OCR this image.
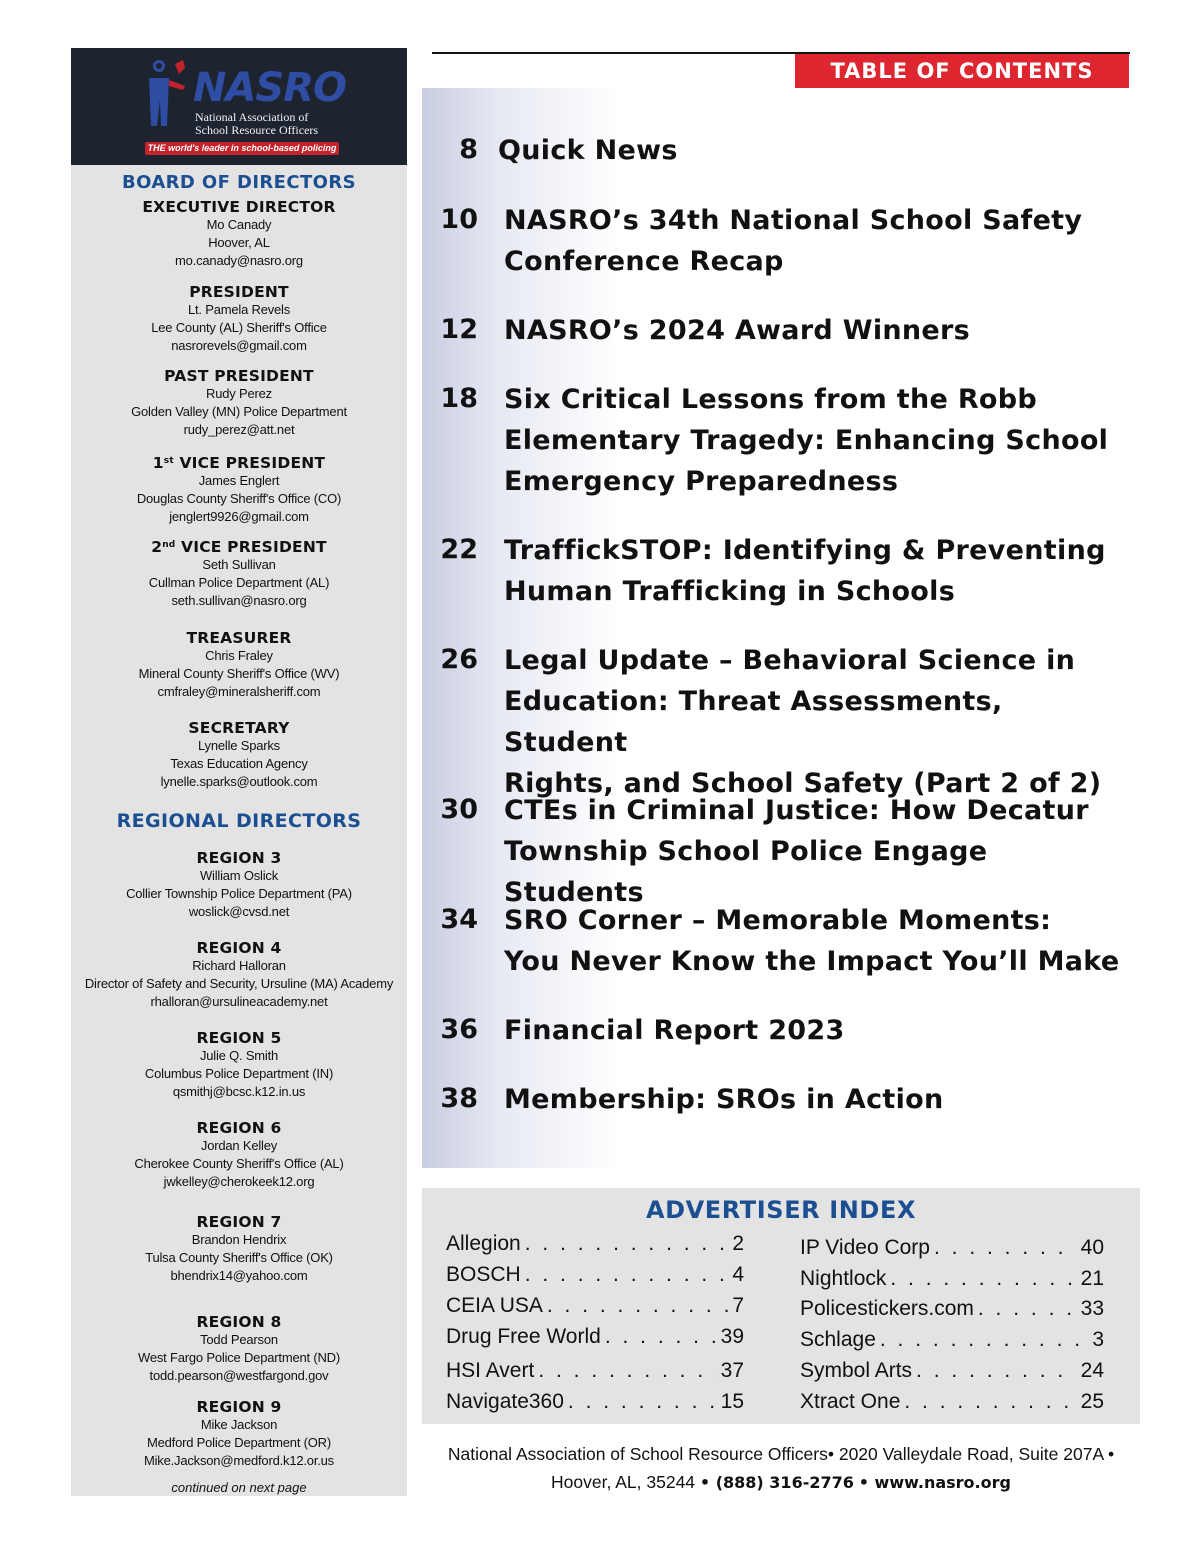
NASRO
National Association of
School Resource Officers
THE world's leader in school-based policing
BOARD OF DIRECTORS
EXECUTIVE DIRECTOR
Mo Canady
Hoover, AL
mo.canady@nasro.org
PRESIDENT
Lt. Pamela Revels
Lee County (AL) Sheriff's Office
nasrorevels@gmail.com
PAST PRESIDENT
Rudy Perez
Golden Valley (MN) Police Department
rudy_perez@att.net
1st VICE PRESIDENT
James Englert
Douglas County Sheriff's Office (CO)
jenglert9926@gmail.com
2nd VICE PRESIDENT
Seth Sullivan
Cullman Police Department (AL)
seth.sullivan@nasro.org
TREASURER
Chris Fraley
Mineral County Sheriff's Office (WV)
cmfraley@mineralsheriff.com
SECRETARY
Lynelle Sparks
Texas Education Agency
lynelle.sparks@outlook.com
REGIONAL DIRECTORS
REGION 3
William Oslick
Collier Township Police Department (PA)
woslick@cvsd.net
REGION 4
Richard Halloran
Director of Safety and Security, Ursuline (MA) Academy
rhalloran@ursulineacademy.net
REGION 5
Julie Q. Smith
Columbus Police Department (IN)
qsmithj@bcsc.k12.in.us
REGION 6
Jordan Kelley
Cherokee County Sheriff's Office (AL)
jwkelley@cherokeek12.org
REGION 7
Brandon Hendrix
Tulsa County Sheriff's Office (OK)
bhendrix14@yahoo.com
REGION 8
Todd Pearson
West Fargo Police Department (ND)
todd.pearson@westfargond.gov
REGION 9
Mike Jackson
Medford Police Department (OR)
Mike.Jackson@medford.k12.or.us
continued on next page
TABLE OF CONTENTS
8 Quick News
10 NASRO’s 34th National School Safety
Conference Recap
12 NASRO’s 2024 Award Winners
18 Six Critical Lessons from the Robb
Elementary Tragedy: Enhancing School
Emergency Preparedness
22 TraffickSTOP: Identifying & Preventing
Human Trafficking in Schools
26 Legal Update – Behavioral Science in
Education: Threat Assessments, Student
Rights, and School Safety (Part 2 of 2)
30 CTEs in Criminal Justice: How Decatur
Township School Police Engage Students
34 SRO Corner – Memorable Moments:
You Never Know the Impact You’ll Make
36 Financial Report 2023
38 Membership: SROs in Action
ADVERTISER INDEX
Allegion . . .	2
BOSCH . . .	4
CEIA USA . . .	7
Drug Free World . . .	39
HSI Avert . . .	37
Navigate360 . . .	15
IP Video Corp . . .	40
Nightlock . . .	21
Policestickers.com . . .	33
Schlage . . .	3
Symbol Arts . . .	24
Xtract One . . .	25
National Association of School Resource Officers• 2020 Valleydale Road, Suite 207A •
Hoover, AL, 35244 • (888) 316-2776 • www.nasro.org
